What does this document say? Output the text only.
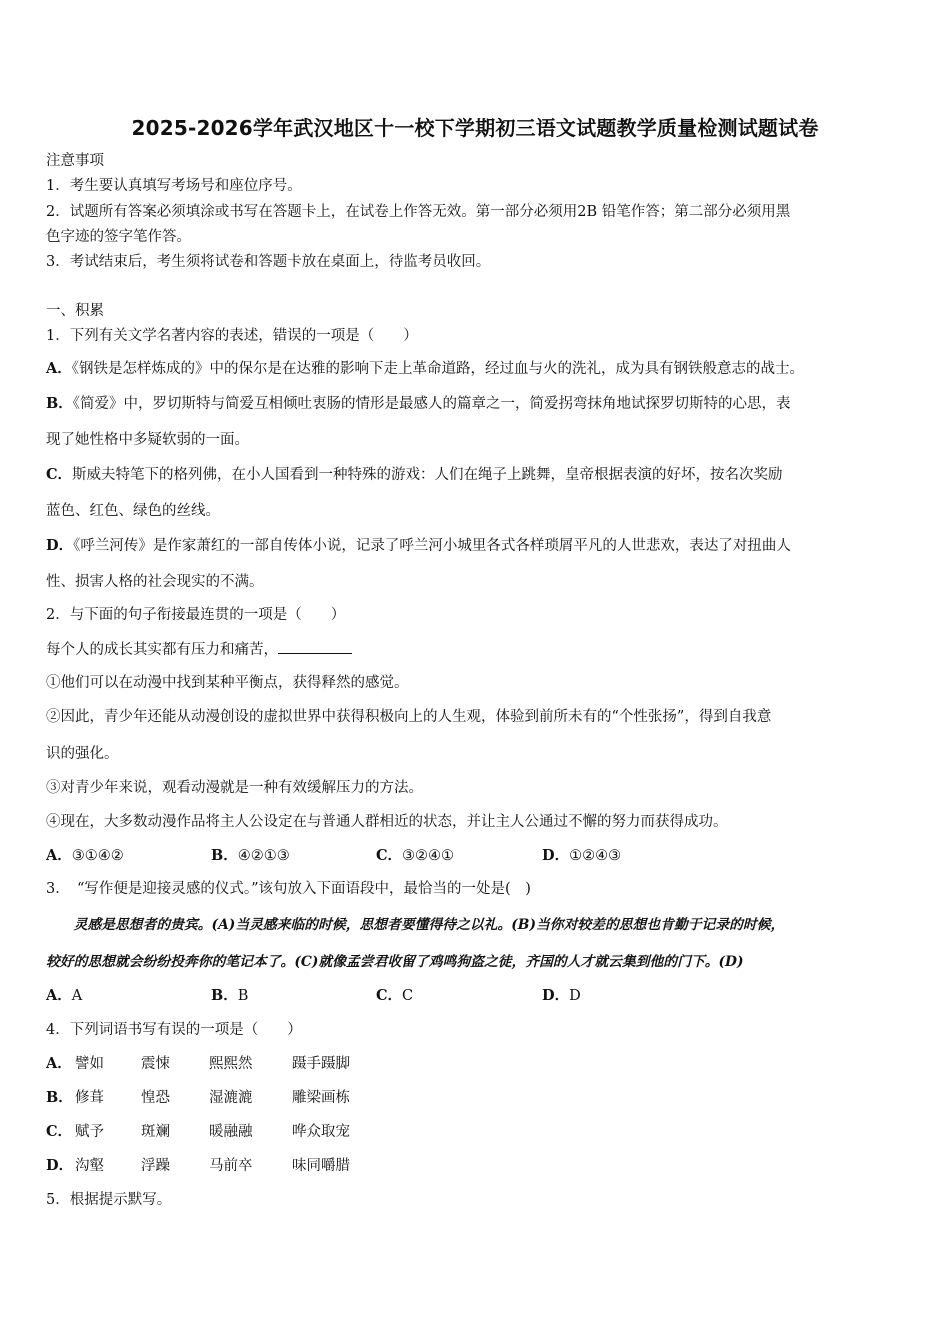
2025-2026学年武汉地区十一校下学期初三语文试题教学质量检测试题试卷
注意事项
1．考生要认真填写考场号和座位序号。
2．试题所有答案必须填涂或书写在答题卡上，在试卷上作答无效。第一部分必须用2B 铅笔作答；第二部分必须用黑
色字迹的签字笔作答。
3．考试结束后，考生须将试卷和答题卡放在桌面上，待监考员收回。
一、积累
1．下列有关文学名著内容的表述，错误的一项是（　　）
A．《钢铁是怎样炼成的》中的保尔是在达雅的影响下走上革命道路，经过血与火的洗礼，成为具有钢铁般意志的战士。
B．《简爱》中，罗切斯特与简爱互相倾吐衷肠的情形是最感人的篇章之一，简爱拐弯抹角地试探罗切斯特的心思，表
现了她性格中多疑软弱的一面。
C．斯威夫特笔下的格列佛，在小人国看到一种特殊的游戏：人们在绳子上跳舞，皇帝根据表演的好坏，按名次奖励
蓝色、红色、绿色的丝线。
D．《呼兰河传》是作家萧红的一部自传体小说，记录了呼兰河小城里各式各样琐屑平凡的人世悲欢，表达了对扭曲人
性、损害人格的社会现实的不满。
2．与下面的句子衔接最连贯的一项是（　　）
每个人的成长其实都有压力和痛苦，
①他们可以在动漫中找到某种平衡点，获得释然的感觉。
②因此，青少年还能从动漫创设的虚拟世界中获得积极向上的人生观，体验到前所未有的“个性张扬”，得到自我意
识的强化。
③对青少年来说，观看动漫就是一种有效缓解压力的方法。
④现在，大多数动漫作品将主人公设定在与普通人群相近的状态，并让主人公通过不懈的努力而获得成功。
A．③①④②	B．④②①③	C．③②④①	D．①②④③
3．　“写作便是迎接灵感的仪式。”该句放入下面语段中，最恰当的一处是(　)
　　灵感是思想者的贵宾。(A)当灵感来临的时候，思想者要懂得待之以礼。(B)当你对较差的思想也肯勤于记录的时候，
较好的思想就会纷纷投奔你的笔记本了。(C)就像孟尝君收留了鸡鸣狗盗之徒，齐国的人才就云集到他的门下。(D)
A．A	B．B	C．C	D．D
4．下列词语书写有误的一项是（　　）
A． 譬如	震悚	熙熙然	蹑手蹑脚
B． 修葺	惶恐	湿漉漉	雕梁画栋
C． 赋予	斑斓	暖融融	哗众取宠
D． 沟壑	浮躁	马前卒	味同嚼腊
5．根据提示默写。
